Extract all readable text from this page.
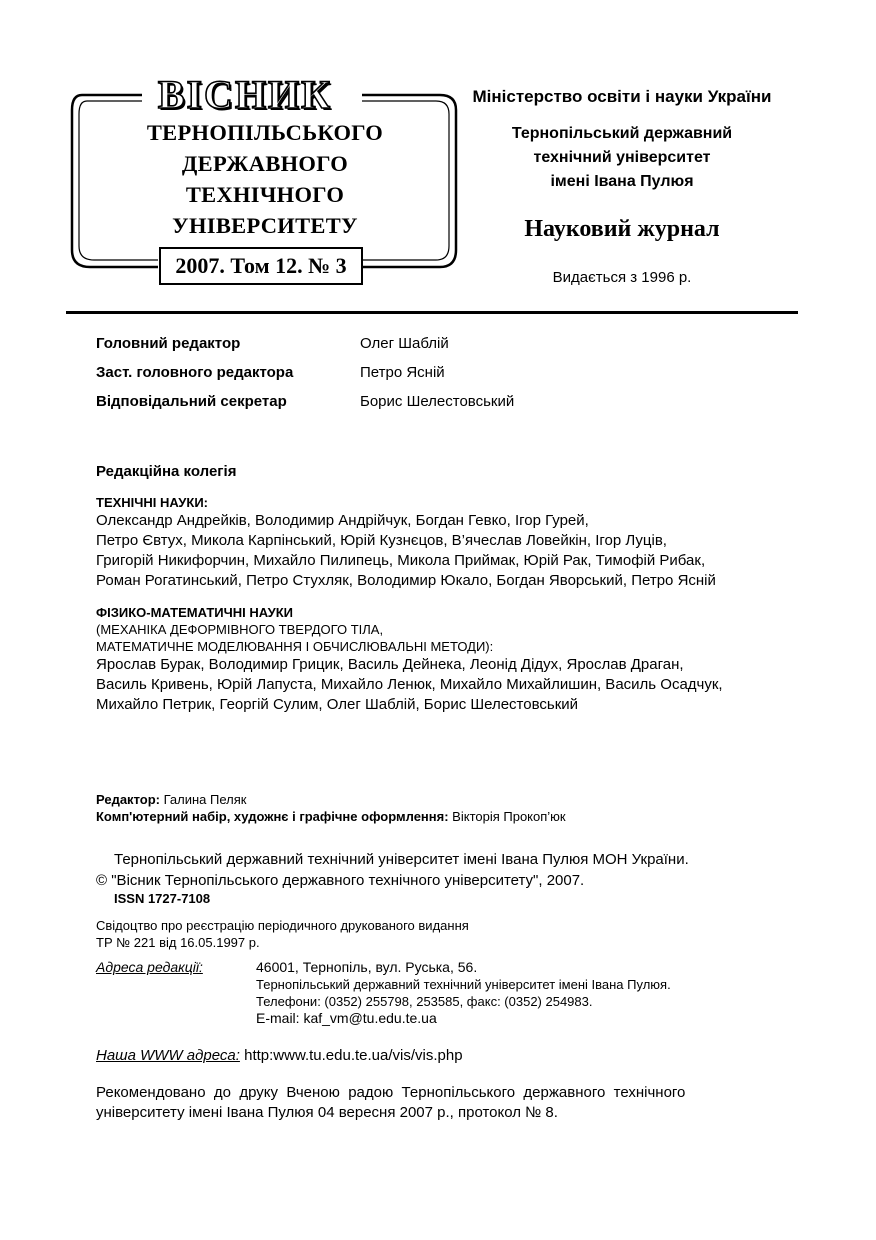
ВІСНИК
ТЕРНОПІЛЬСЬКОГО
ДЕРЖАВНОГО
ТЕХНІЧНОГО
УНІВЕРСИТЕТУ
2007. Том 12. № 3
Міністерство освіти і науки України
Тернопільський державний
технічний університет
імені Івана Пулюя
Науковий журнал
Видається з 1996 р.
Головний редактор	Олег Шаблій
Заст. головного редактора	Петро Ясній
Відповідальний секретар	Борис Шелестовський
Редакційна колегія
ТЕХНІЧНІ НАУКИ:
Олександр Андрейків, Володимир Андрійчук, Богдан Гевко, Ігор Гурей,
Петро Євтух, Микола Карпінський, Юрій Кузнєцов, В’ячеслав Ловейкін, Ігор Луців,
Григорій Никифорчин, Михайло Пилипець, Микола Приймак, Юрій Рак, Тимофій Рибак,
Роман Рогатинський, Петро Стухляк, Володимир Юкало, Богдан Яворський, Петро Ясній
ФІЗИКО-МАТЕМАТИЧНІ НАУКИ
(МЕХАНІКА ДЕФОРМІВНОГО ТВЕРДОГО ТІЛА,
МАТЕМАТИЧНЕ МОДЕЛЮВАННЯ І ОБЧИСЛЮВАЛЬНІ МЕТОДИ):
Ярослав Бурак, Володимир Грицик, Василь Дейнека, Леонід Дідух, Ярослав Драган,
Василь Кривень, Юрій Лапуста, Михайло Ленюк, Михайло Михайлишин, Василь Осадчук,
Михайло Петрик, Георгій Сулим, Олег Шаблій, Борис Шелестовський
Редактор: Галина Пеляк
Комп'ютерний набір, художнє і графічне оформлення: Вікторія Прокоп’юк
Тернопільський державний технічний університет імені Івана Пулюя МОН України.
© "Вісник Тернопільського державного технічного університету", 2007.
ISSN 1727-7108
Свідоцтво про реєстрацію періодичного друкованого видання
ТР № 221 від 16.05.1997 р.
Адреса редакції:	46001, Тернопіль, вул. Руська, 56.
Тернопільський державний технічний університет імені Івана Пулюя.
Телефони: (0352) 255798, 253585, факс: (0352) 254983.
E-mail: kaf_vm@tu.edu.te.ua
Наша WWW адреса: http:www.tu.edu.te.ua/vis/vis.php
Рекомендовано  до  друку  Вченою  радою  Тернопільського  державного  технічного
університету імені Івана Пулюя 04 вересня 2007 р., протокол № 8.
